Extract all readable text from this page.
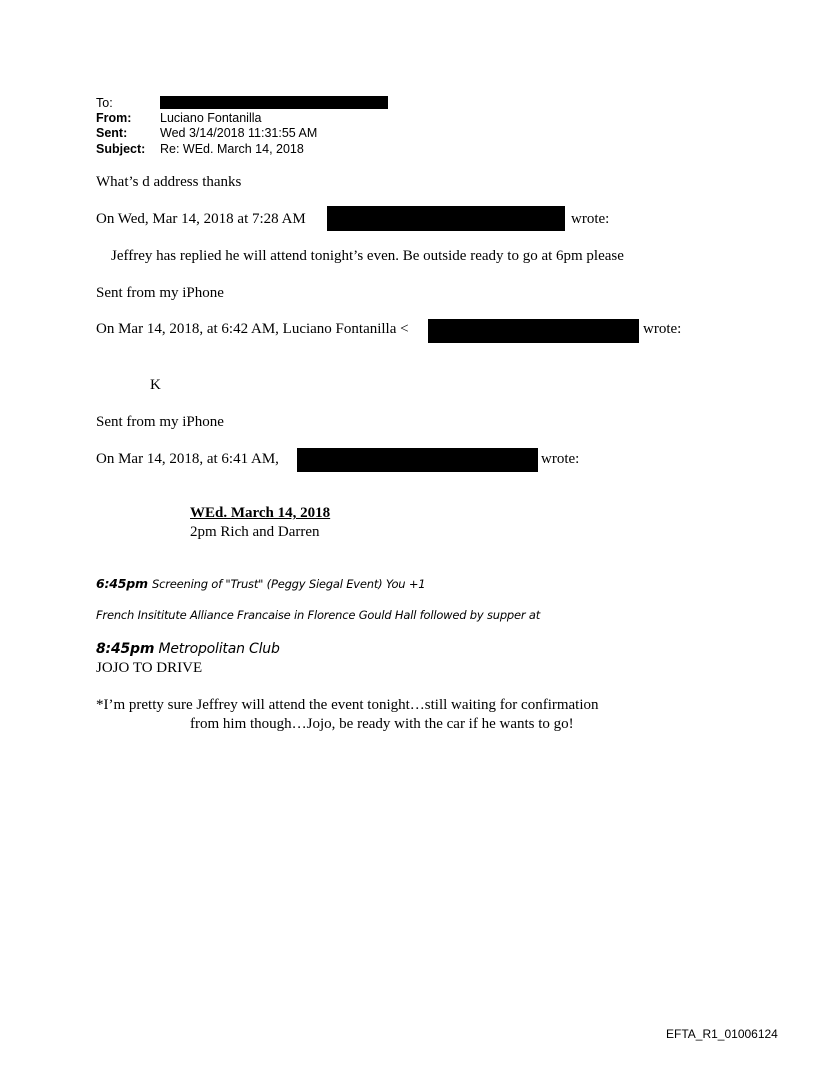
To:
From: Luciano Fontanilla
Sent:	Wed 3/14/2018 11:31:55 AM
Subject: Re: WEd. March 14, 2018
What’s d address thanks
On Wed, Mar 14, 2018 at 7:28 AM	wrote:
Jeffrey has replied he will attend tonight’s even. Be outside ready to go at 6pm please
Sent from my iPhone
On Mar 14, 2018, at 6:42 AM, Luciano Fontanilla <	wrote:
K
Sent from my iPhone
On Mar 14, 2018, at 6:41 AM,	wrote:
WEd. March 14, 2018
2pm Rich and Darren
6:45pm Screening of "Trust" (Peggy Siegal Event) You +1
French Insititute Alliance Francaise in Florence Gould Hall followed by supper at
8:45pm Metropolitan Club
JOJO TO DRIVE
*I’m pretty sure Jeffrey will attend the event tonight…still waiting for confirmation
from him though…Jojo, be ready with the car if he wants to go!
EFTA_R1_01006124
